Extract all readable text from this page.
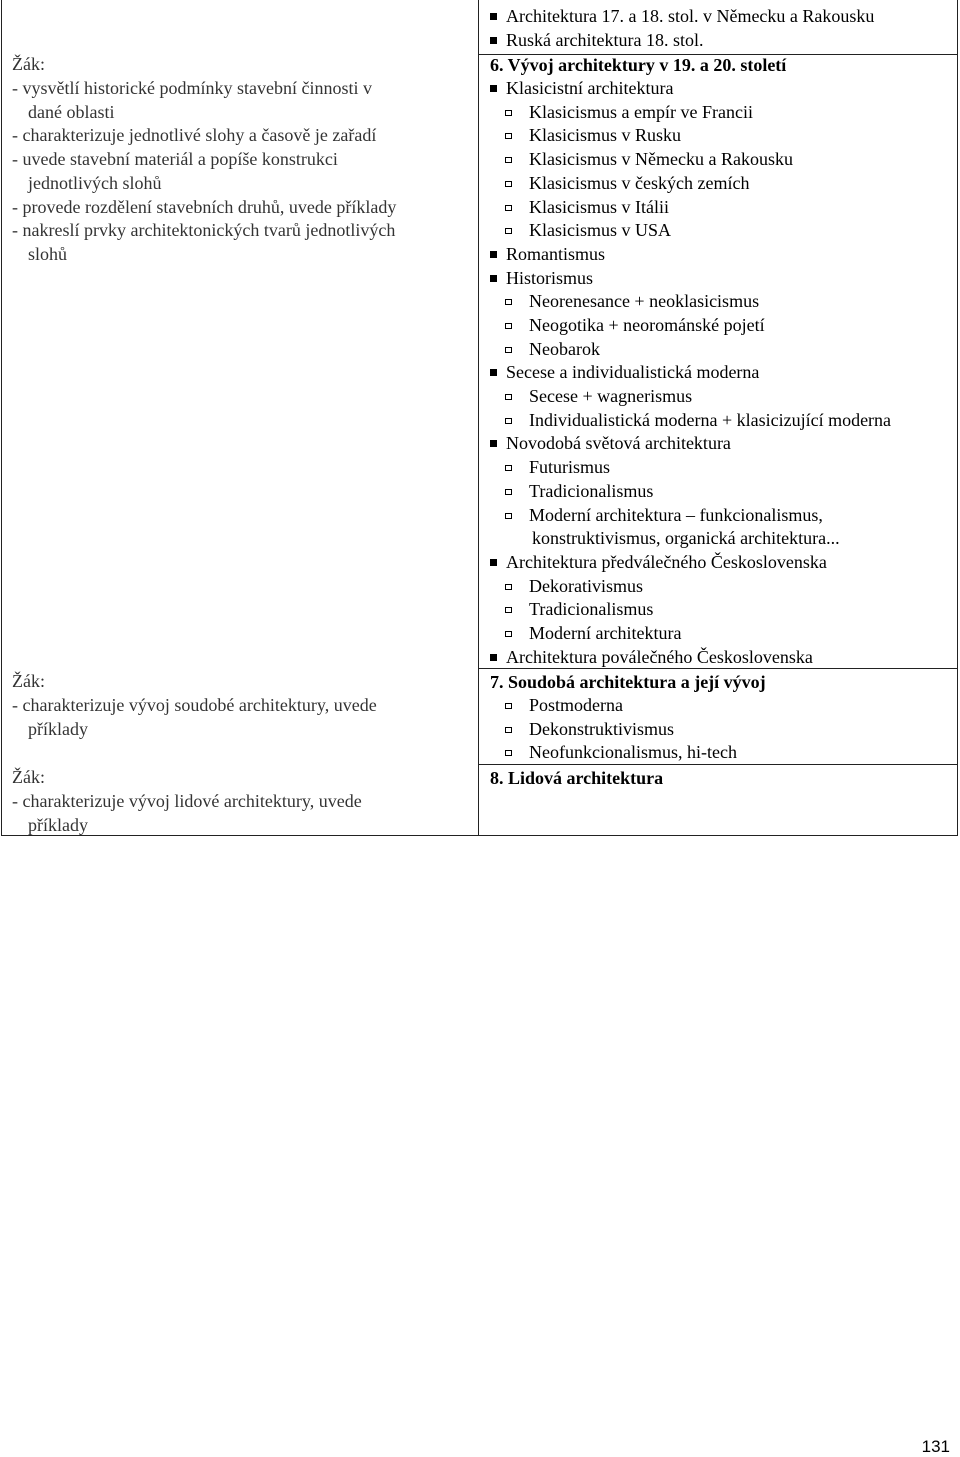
Žák:
- vysvětlí historické podmínky stavební činnosti v
dané oblasti
- charakterizuje jednotlivé slohy a časově je zařadí
- uvede stavební materiál a popíše konstrukci
jednotlivých slohů
- provede rozdělení stavebních druhů, uvede příklady
- nakreslí prvky architektonických tvarů jednotlivých
slohů
Žák:
- charakterizuje vývoj soudobé architektury, uvede
příklady
Žák:
- charakterizuje vývoj lidové architektury, uvede
příklady
Architektura 17. a 18. stol. v Německu a Rakousku
Ruská architektura 18. stol.
6. Vývoj architektury v 19. a 20. století
Klasicistní architektura
Klasicismus a empír ve Francii
Klasicismus v Rusku
Klasicismus v Německu a Rakousku
Klasicismus v českých zemích
Klasicismus v Itálii
Klasicismus v USA
Romantismus
Historismus
Neorenesance + neoklasicismus
Neogotika + neorománské pojetí
Neobarok
Secese a individualistická moderna
Secese + wagnerismus
Individualistická moderna + klasicizující moderna
Novodobá světová architektura
Futurismus
Tradicionalismus
Moderní architektura – funkcionalismus,
konstruktivismus, organická architektura...
Architektura předválečného Československa
Dekorativismus
Tradicionalismus
Moderní architektura
Architektura poválečného Československa
7. Soudobá architektura a její vývoj
Postmoderna
Dekonstruktivismus
Neofunkcionalismus, hi-tech
8. Lidová architektura
131
